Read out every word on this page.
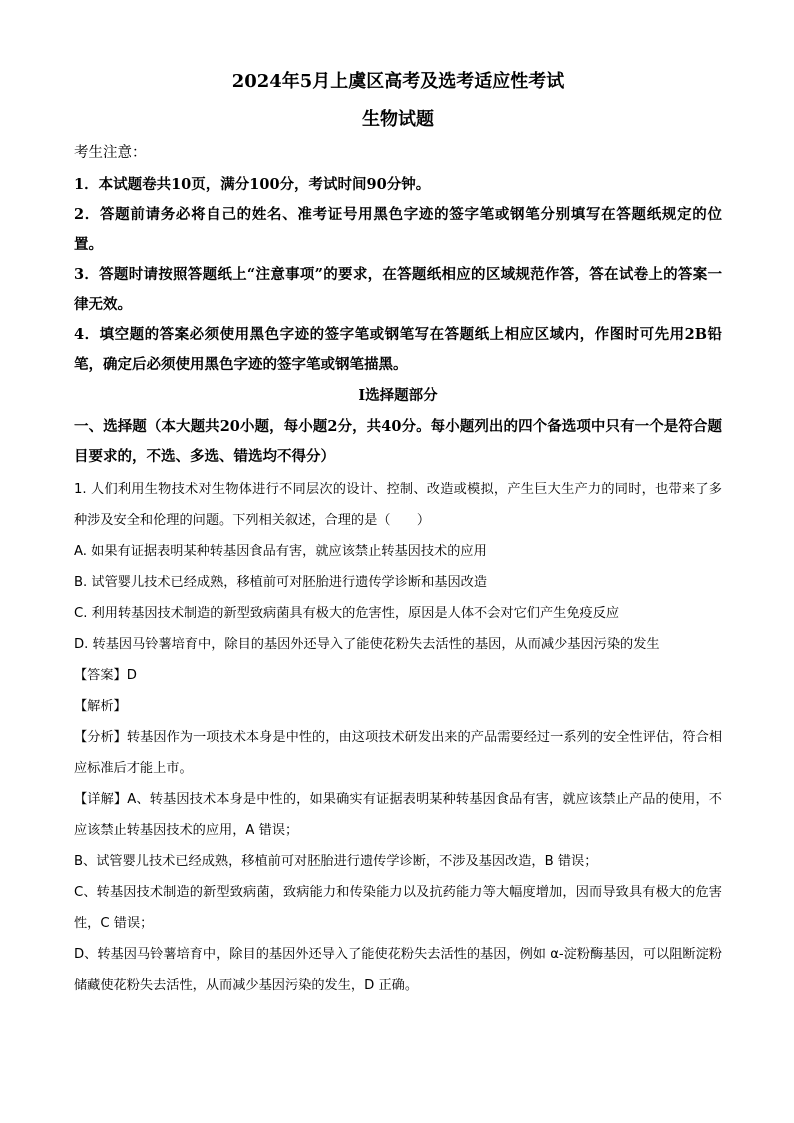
2024年5月上虞区高考及选考适应性考试
生物试题
考生注意：

1．本试题卷共10页，满分100分，考试时间90分钟。

2．答题前请务必将自己的姓名、准考证号用黑色字迹的签字笔或钢笔分别填写在答题纸规定的位置。

3．答题时请按照答题纸上“注意事项”的要求，在答题纸相应的区域规范作答，答在试卷上的答案一律无效。

4．填空题的答案必须使用黑色字迹的签字笔或钢笔写在答题纸上相应区域内，作图时可先用2B铅笔，确定后必须使用黑色字迹的签字笔或钢笔描黑。

Ⅰ选择题部分

一、选择题（本大题共20小题，每小题2分，共40分。每小题列出的四个备选项中只有一个是符合题目要求的，不选、多选、错选均不得分）

1. 人们利用生物技术对生物体进行不同层次的设计、控制、改造或模拟，产生巨大生产力的同时，也带来了多种涉及安全和伦理的问题。下列相关叙述，合理的是（　　）

A. 如果有证据表明某种转基因食品有害，就应该禁止转基因技术的应用

B. 试管婴儿技术已经成熟，移植前可对胚胎进行遗传学诊断和基因改造

C. 利用转基因技术制造的新型致病菌具有极大的危害性，原因是人体不会对它们产生免疫反应

D. 转基因马铃薯培育中，除目的基因外还导入了能使花粉失去活性的基因，从而减少基因污染的发生

【答案】D

【解析】

【分析】转基因作为一项技术本身是中性的，由这项技术研发出来的产品需要经过一系列的安全性评估，符合相应标准后才能上市。

【详解】A、转基因技术本身是中性的，如果确实有证据表明某种转基因食品有害，就应该禁止产品的使用，不应该禁止转基因技术的应用，A 错误；

B、试管婴儿技术已经成熟，移植前可对胚胎进行遗传学诊断，不涉及基因改造，B 错误；

C、转基因技术制造的新型致病菌，致病能力和传染能力以及抗药能力等大幅度增加，因而导致具有极大的危害性，C 错误；

D、转基因马铃薯培育中，除目的基因外还导入了能使花粉失去活性的基因，例如 α-淀粉酶基因，可以阻断淀粉储藏使花粉失去活性，从而减少基因污染的发生，D 正确。
